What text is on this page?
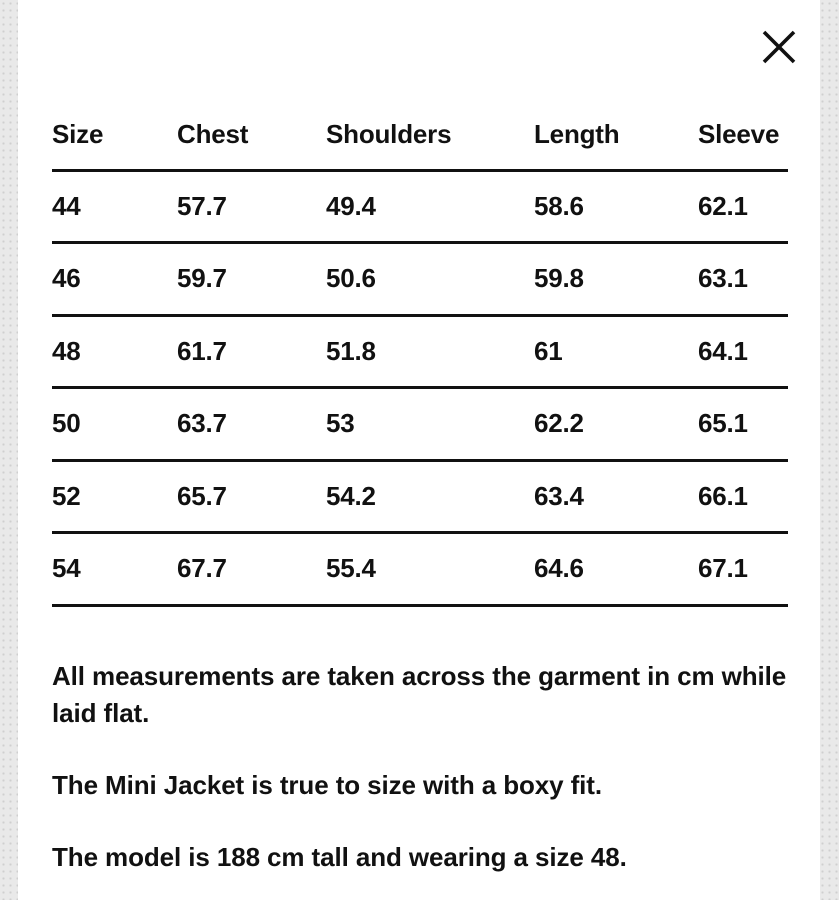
Size	Chest	Shoulders	Length	Sleeve
44	57.7	49.4	58.6	62.1
46	59.7	50.6	59.8	63.1
48	61.7	51.8	61	64.1
50	63.7	53	62.2	65.1
52	65.7	54.2	63.4	66.1
54	67.7	55.4	64.6	67.1

All measurements are taken across the garment in cm while laid flat.

The Mini Jacket is true to size with a boxy fit.

The model is 188 cm tall and wearing a size 48.
